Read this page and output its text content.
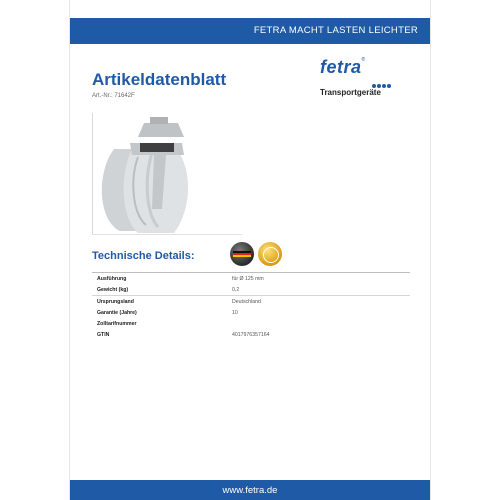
FETRA MACHT LASTEN LEICHTER
Artikeldatenblatt
Art.-Nr.: 71642F
fetra®
Transportgeräte
Technische Details:
Ausführung	für Ø 125 mm
Gewicht (kg)	0,2
Ursprungsland	Deutschland
Garantie (Jahre)	10
Zolltarifnummer	
GTIN	4017976357164
www.fetra.de
